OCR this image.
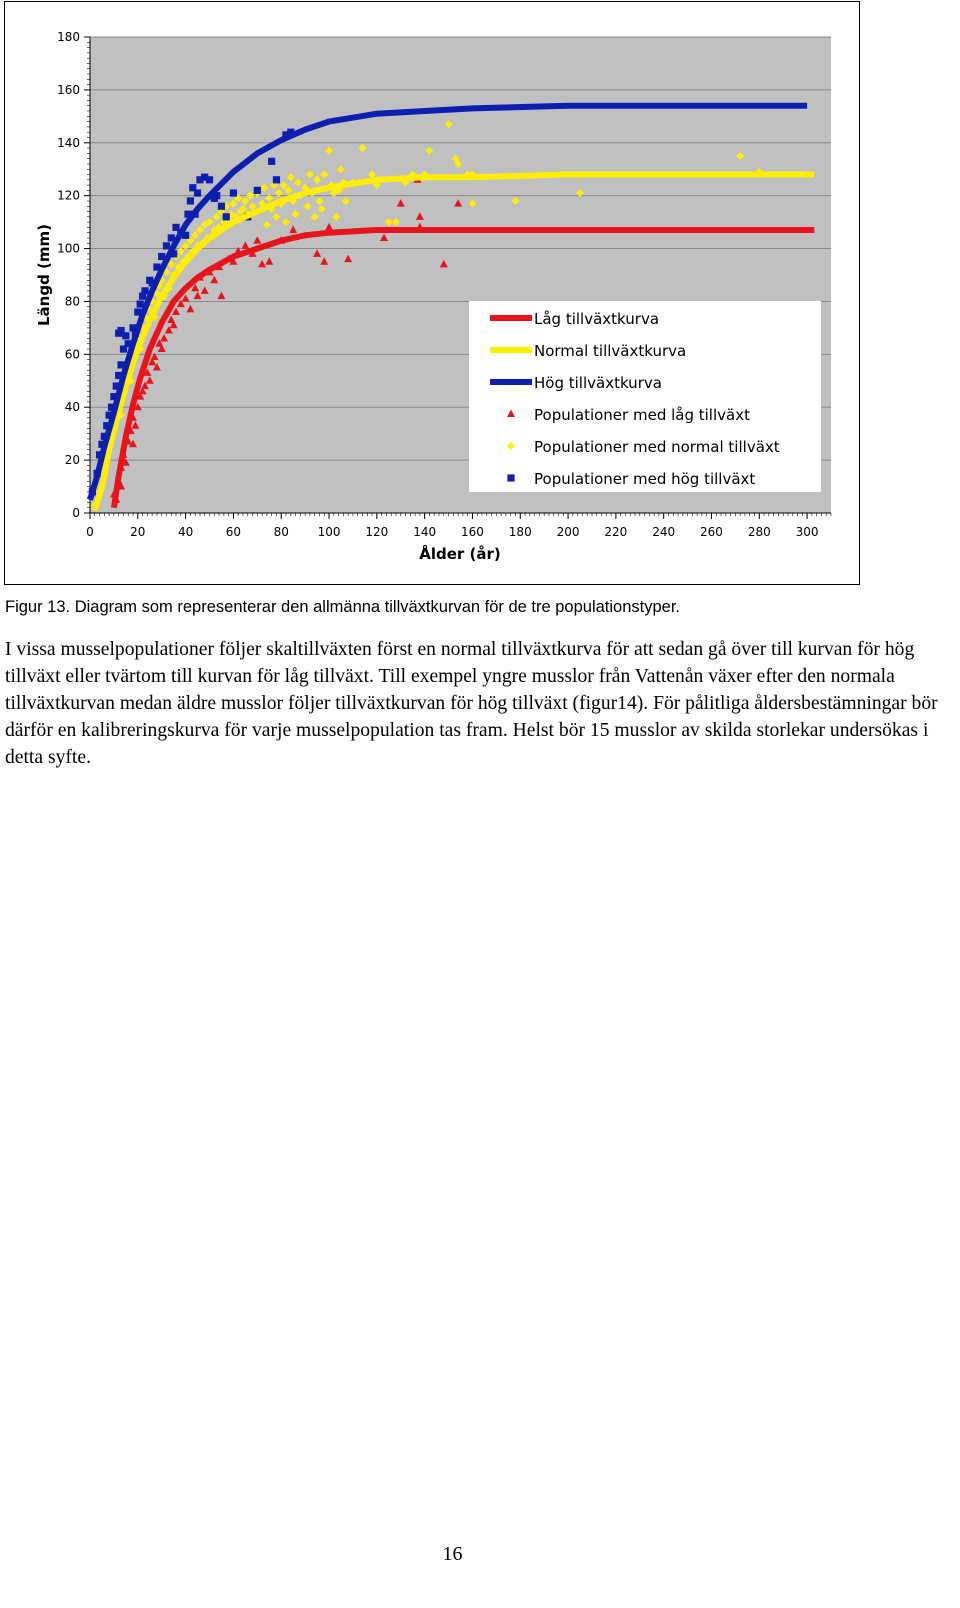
0
20
40
60
80
100
120
140
160
180
0	20	40	60	80 100 120 140 160 180 200 220 240 260 280 300
Ålder (år)
Längd (mm)	Låg tillväxtkurva
Normal tillväxtkurva
Hög tillväxtkurva
Populationer med låg tillväxt
Populationer med normal tillväxt
Populationer med hög tillväxt

Figur 13. Diagram som representerar den allmänna tillväxtkurvan för de tre populationstyper.

I vissa musselpopulationer följer skaltillväxten först en normal tillväxtkurva för att sedan gå över till kurvan för hög tillväxt eller tvärtom till kurvan för låg tillväxt. Till exempel yngre musslor från Vattenån växer efter den normala tillväxtkurvan medan äldre musslor följer tillväxtkurvan för hög tillväxt (figur14). För pålitliga åldersbestämningar bör därför en kalibreringskurva för varje musselpopulation tas fram. Helst bör 15 musslor av skilda storlekar undersökas i detta syfte.

16
